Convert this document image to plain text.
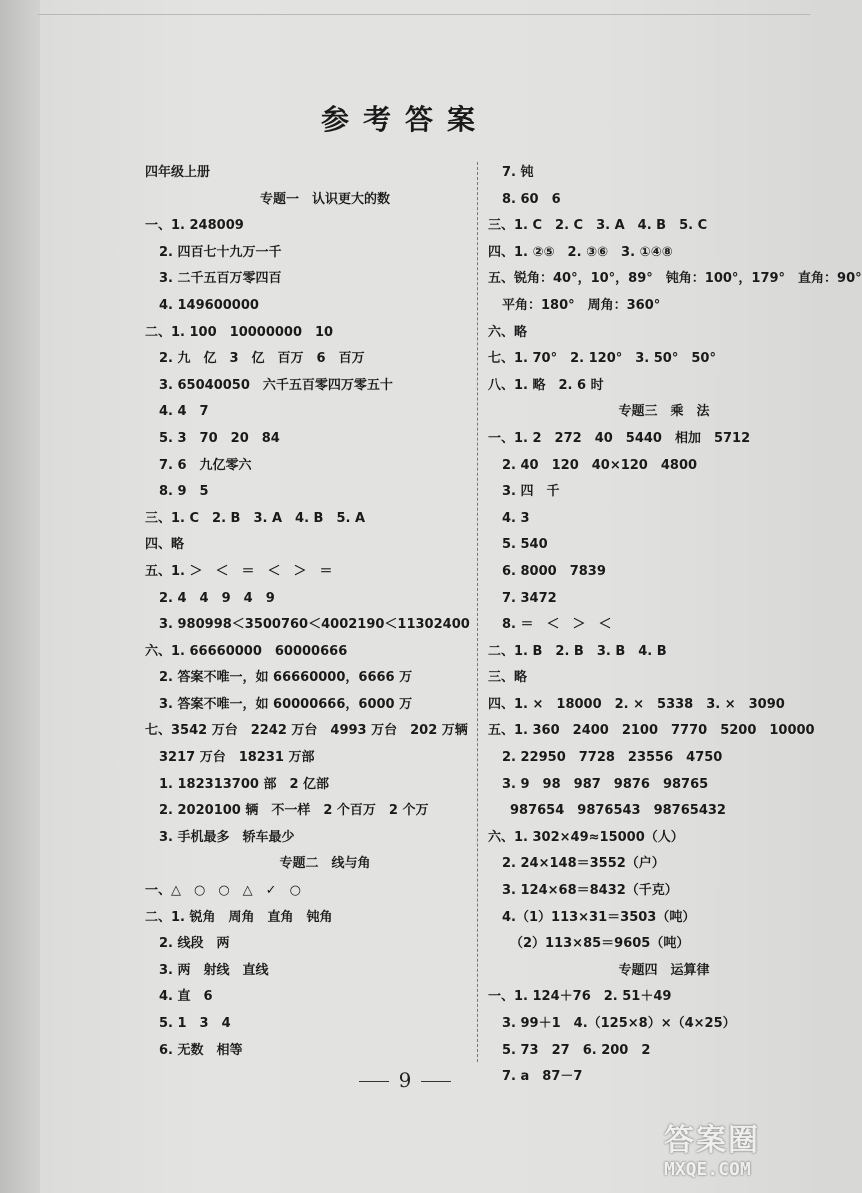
参考答案
四年级上册
专题一　认识更大的数
一、1. 248009
2. 四百七十九万一千
3. 二千五百万零四百
4. 149600000
二、1. 100　10000000　10
2. 九　亿　3　亿　百万　6　百万
3. 65040050　六千五百零四万零五十
4. 4　7
5. 3　70　20　84
7. 6　九亿零六
8. 9　5
三、1. C　2. B　3. A　4. B　5. A
四、略
五、1. ＞　＜　＝　＜　＞　＝
2. 4　4　9　4　9
3. 980998＜3500760＜4002190＜11302400
六、1. 66660000　60000666
2. 答案不唯一，如 66660000，6666 万
3. 答案不唯一，如 60000666，6000 万
七、3542 万台　2242 万台　4993 万台　202 万辆
3217 万台　18231 万部
1. 182313700 部　2 亿部
2. 2020100 辆　不一样　2 个百万　2 个万
3. 手机最多　轿车最少
专题二　线与角
一、△　○　○　△　✓　○
二、1. 锐角　周角　直角　钝角
2. 线段　两
3. 两　射线　直线
4. 直　6
5. 1　3　4
6. 无数　相等
7. 钝
8. 60　6
三、1. C　2. C　3. A　4. B　5. C
四、1. ②⑤　2. ③⑥　3. ①④⑧
五、锐角：40°，10°，89°　钝角：100°，179°　直角：90°
平角：180°　周角：360°
六、略
七、1. 70°　2. 120°　3. 50°　50°
八、1. 略　2. 6 时
专题三　乘　法
一、1. 2　272　40　5440　相加　5712
2. 40　120　40×120　4800
3. 四　千
4. 3
5. 540
6. 8000　7839
7. 3472
8. ＝　＜　＞　＜
二、1. B　2. B　3. B　4. B
三、略
四、1. ×　18000　2. ×　5338　3. ×　3090
五、1. 360　2400　2100　7770　5200　10000
2. 22950　7728　23556　4750
3. 9　98　987　9876　98765
987654　9876543　98765432
六、1. 302×49≈15000（人）
2. 24×148＝3552（户）
3. 124×68＝8432（千克）
4.（1）113×31＝3503（吨）
（2）113×85＝9605（吨）
专题四　运算律
一、1. 124＋76　2. 51＋49
3. 99＋1　4.（125×8）×（4×25）
5. 73　27　6. 200　2
7. a　87－7
9
答案圈
MXQE.COM
